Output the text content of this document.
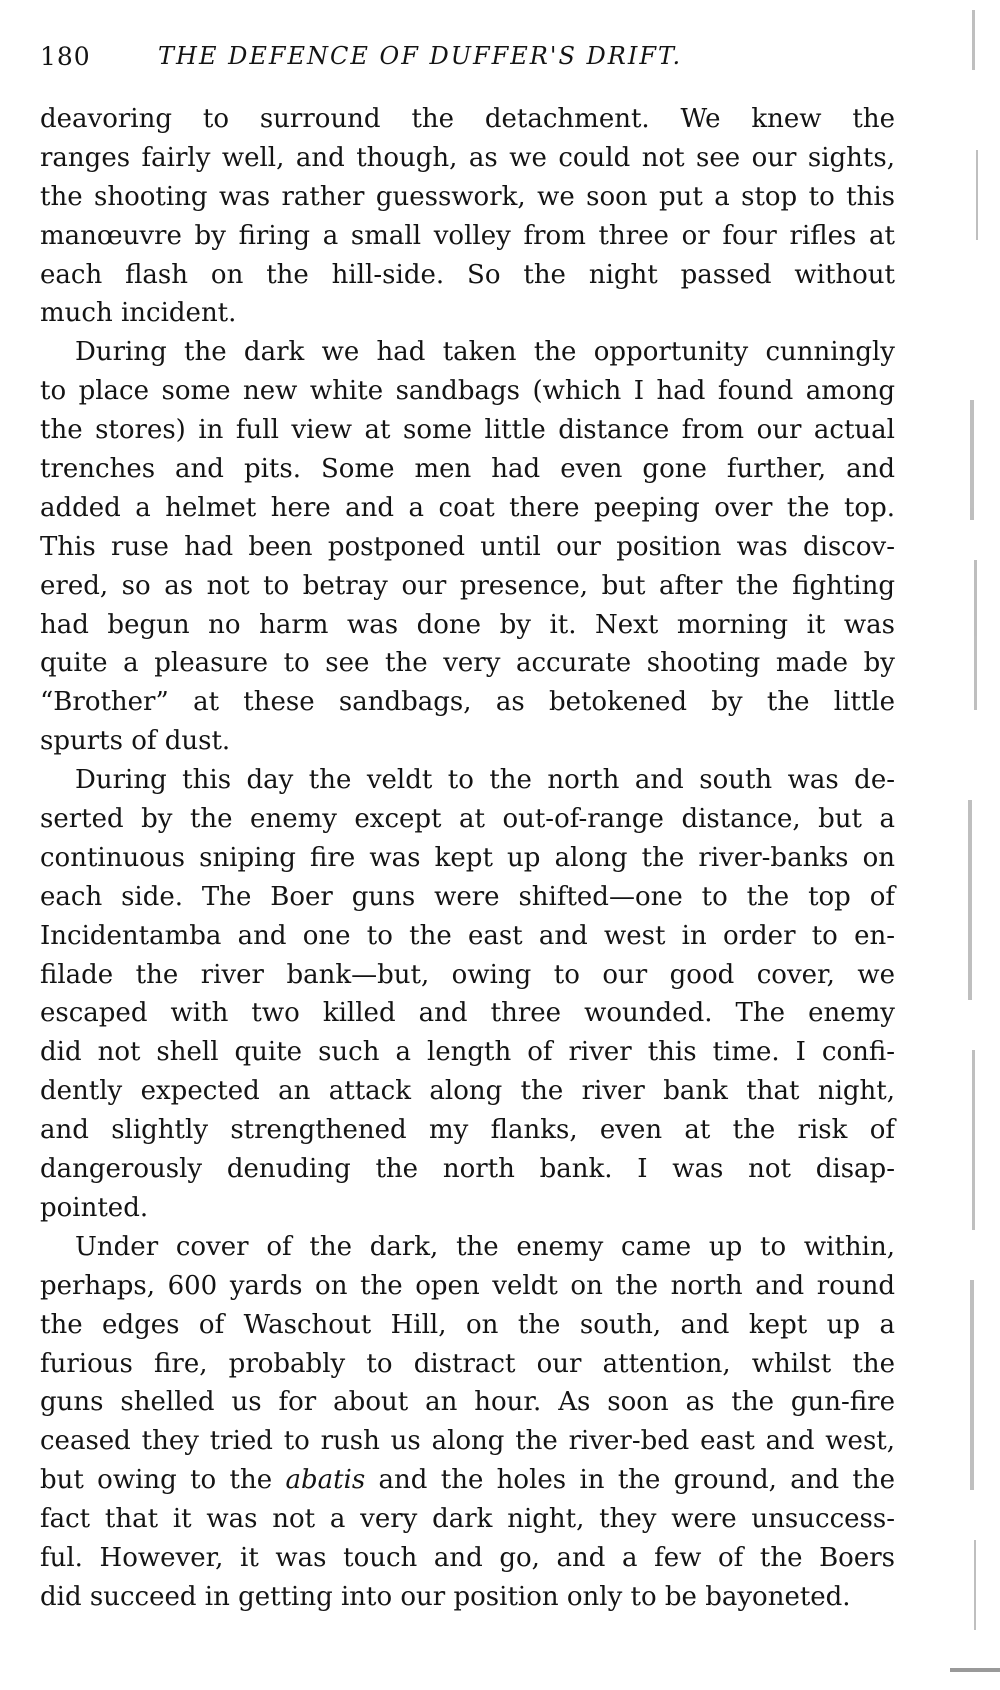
180	THE DEFENCE OF DUFFER'S DRIFT.
deavoring to surround the detachment. We knew the
ranges fairly well, and though, as we could not see our sights,
the shooting was rather guesswork, we soon put a stop to this
manœuvre by firing a small volley from three or four rifles at
each flash on the hill-side. So the night passed without
much incident.
During the dark we had taken the opportunity cunningly
to place some new white sandbags (which I had found among
the stores) in full view at some little distance from our actual
trenches and pits. Some men had even gone further, and
added a helmet here and a coat there peeping over the top.
This ruse had been postponed until our position was discov-
ered, so as not to betray our presence, but after the fighting
had begun no harm was done by it. Next morning it was
quite a pleasure to see the very accurate shooting made by
“Brother” at these sandbags, as betokened by the little
spurts of dust.
During this day the veldt to the north and south was de-
serted by the enemy except at out-of-range distance, but a
continuous sniping fire was kept up along the river-banks on
each side. The Boer guns were shifted—one to the top of
Incidentamba and one to the east and west in order to en-
filade the river bank—but, owing to our good cover, we
escaped with two killed and three wounded. The enemy
did not shell quite such a length of river this time. I confi-
dently expected an attack along the river bank that night,
and slightly strengthened my flanks, even at the risk of
dangerously denuding the north bank. I was not disap-
pointed.
Under cover of the dark, the enemy came up to within,
perhaps, 600 yards on the open veldt on the north and round
the edges of Waschout Hill, on the south, and kept up a
furious fire, probably to distract our attention, whilst the
guns shelled us for about an hour. As soon as the gun-fire
ceased they tried to rush us along the river-bed east and west,
but owing to the abatis and the holes in the ground, and the
fact that it was not a very dark night, they were unsuccess-
ful. However, it was touch and go, and a few of the Boers
did succeed in getting into our position only to be bayoneted.
